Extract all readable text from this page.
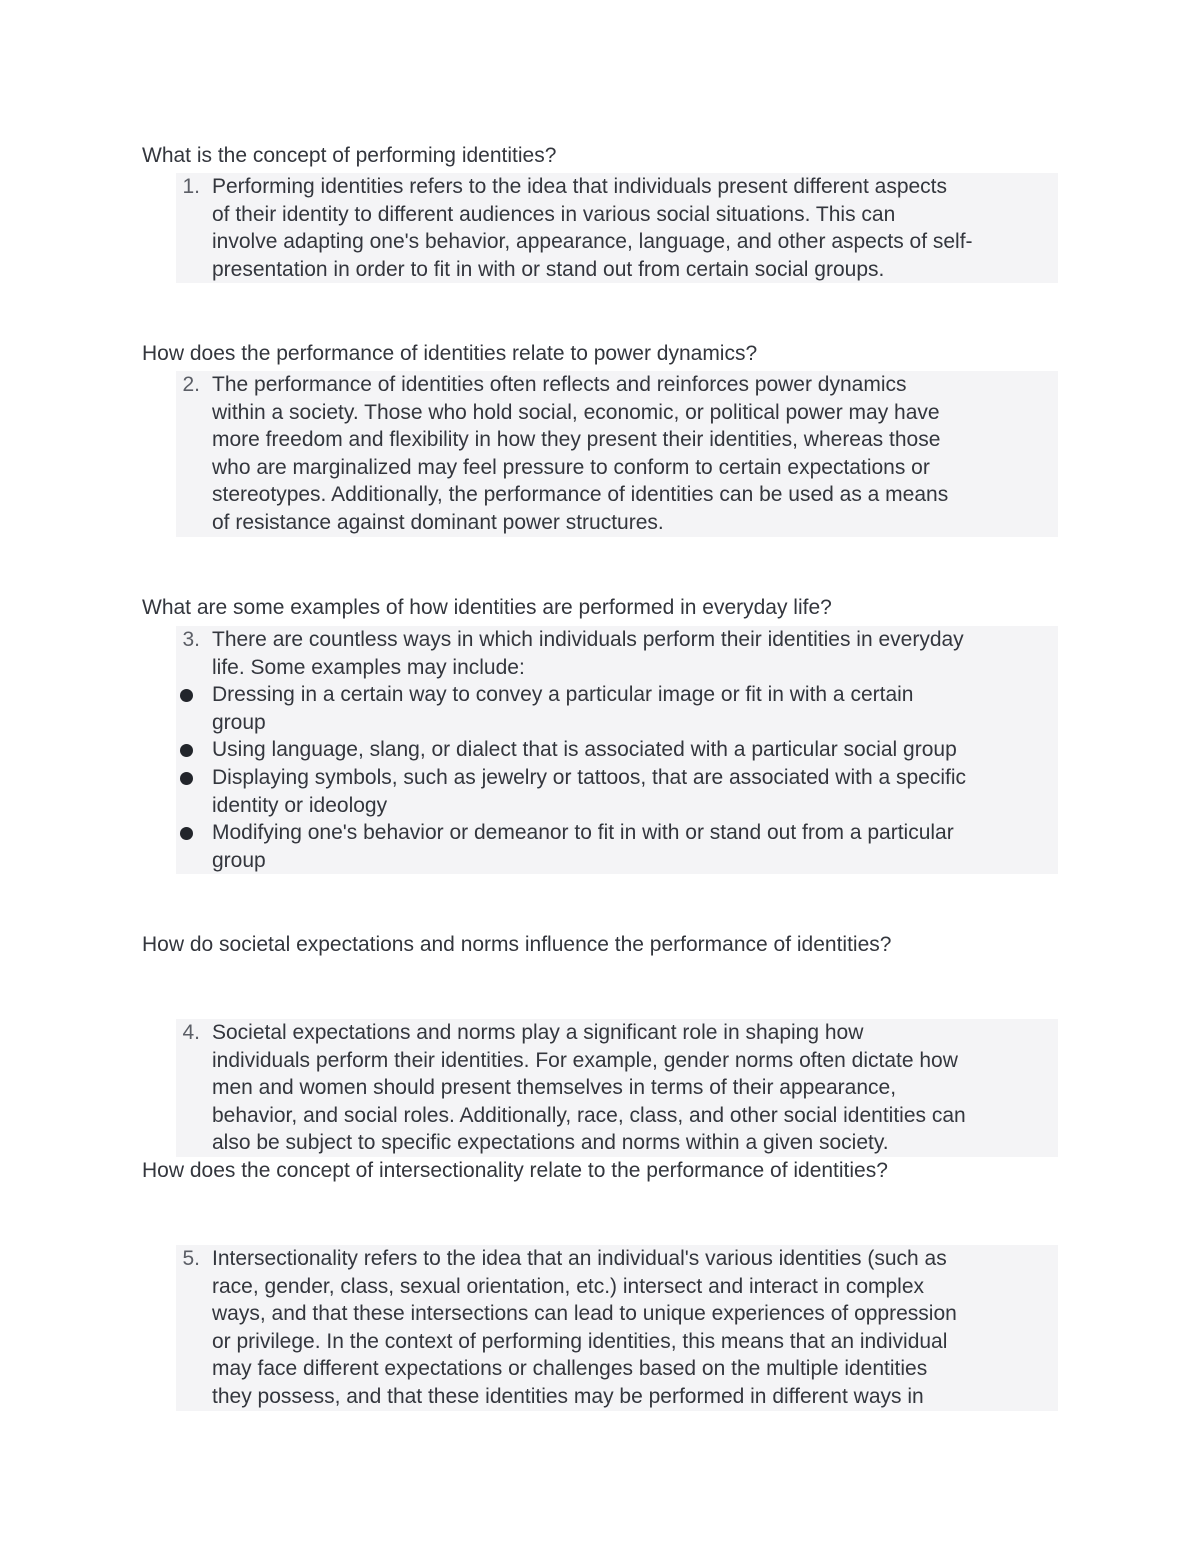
What is the concept of performing identities?
1. Performing identities refers to the idea that individuals present different aspects
of their identity to different audiences in various social situations. This can
involve adapting one's behavior, appearance, language, and other aspects of self-
presentation in order to fit in with or stand out from certain social groups.
How does the performance of identities relate to power dynamics?
2. The performance of identities often reflects and reinforces power dynamics
within a society. Those who hold social, economic, or political power may have
more freedom and flexibility in how they present their identities, whereas those
who are marginalized may feel pressure to conform to certain expectations or
stereotypes. Additionally, the performance of identities can be used as a means
of resistance against dominant power structures.
What are some examples of how identities are performed in everyday life?
3. There are countless ways in which individuals perform their identities in everyday
life. Some examples may include:
Dressing in a certain way to convey a particular image or fit in with a certain
group
Using language, slang, or dialect that is associated with a particular social group
Displaying symbols, such as jewelry or tattoos, that are associated with a specific
identity or ideology
Modifying one's behavior or demeanor to fit in with or stand out from a particular
group
How do societal expectations and norms influence the performance of identities?
4. Societal expectations and norms play a significant role in shaping how
individuals perform their identities. For example, gender norms often dictate how
men and women should present themselves in terms of their appearance,
behavior, and social roles. Additionally, race, class, and other social identities can
also be subject to specific expectations and norms within a given society.
How does the concept of intersectionality relate to the performance of identities?
5. Intersectionality refers to the idea that an individual's various identities (such as
race, gender, class, sexual orientation, etc.) intersect and interact in complex
ways, and that these intersections can lead to unique experiences of oppression
or privilege. In the context of performing identities, this means that an individual
may face different expectations or challenges based on the multiple identities
they possess, and that these identities may be performed in different ways in
